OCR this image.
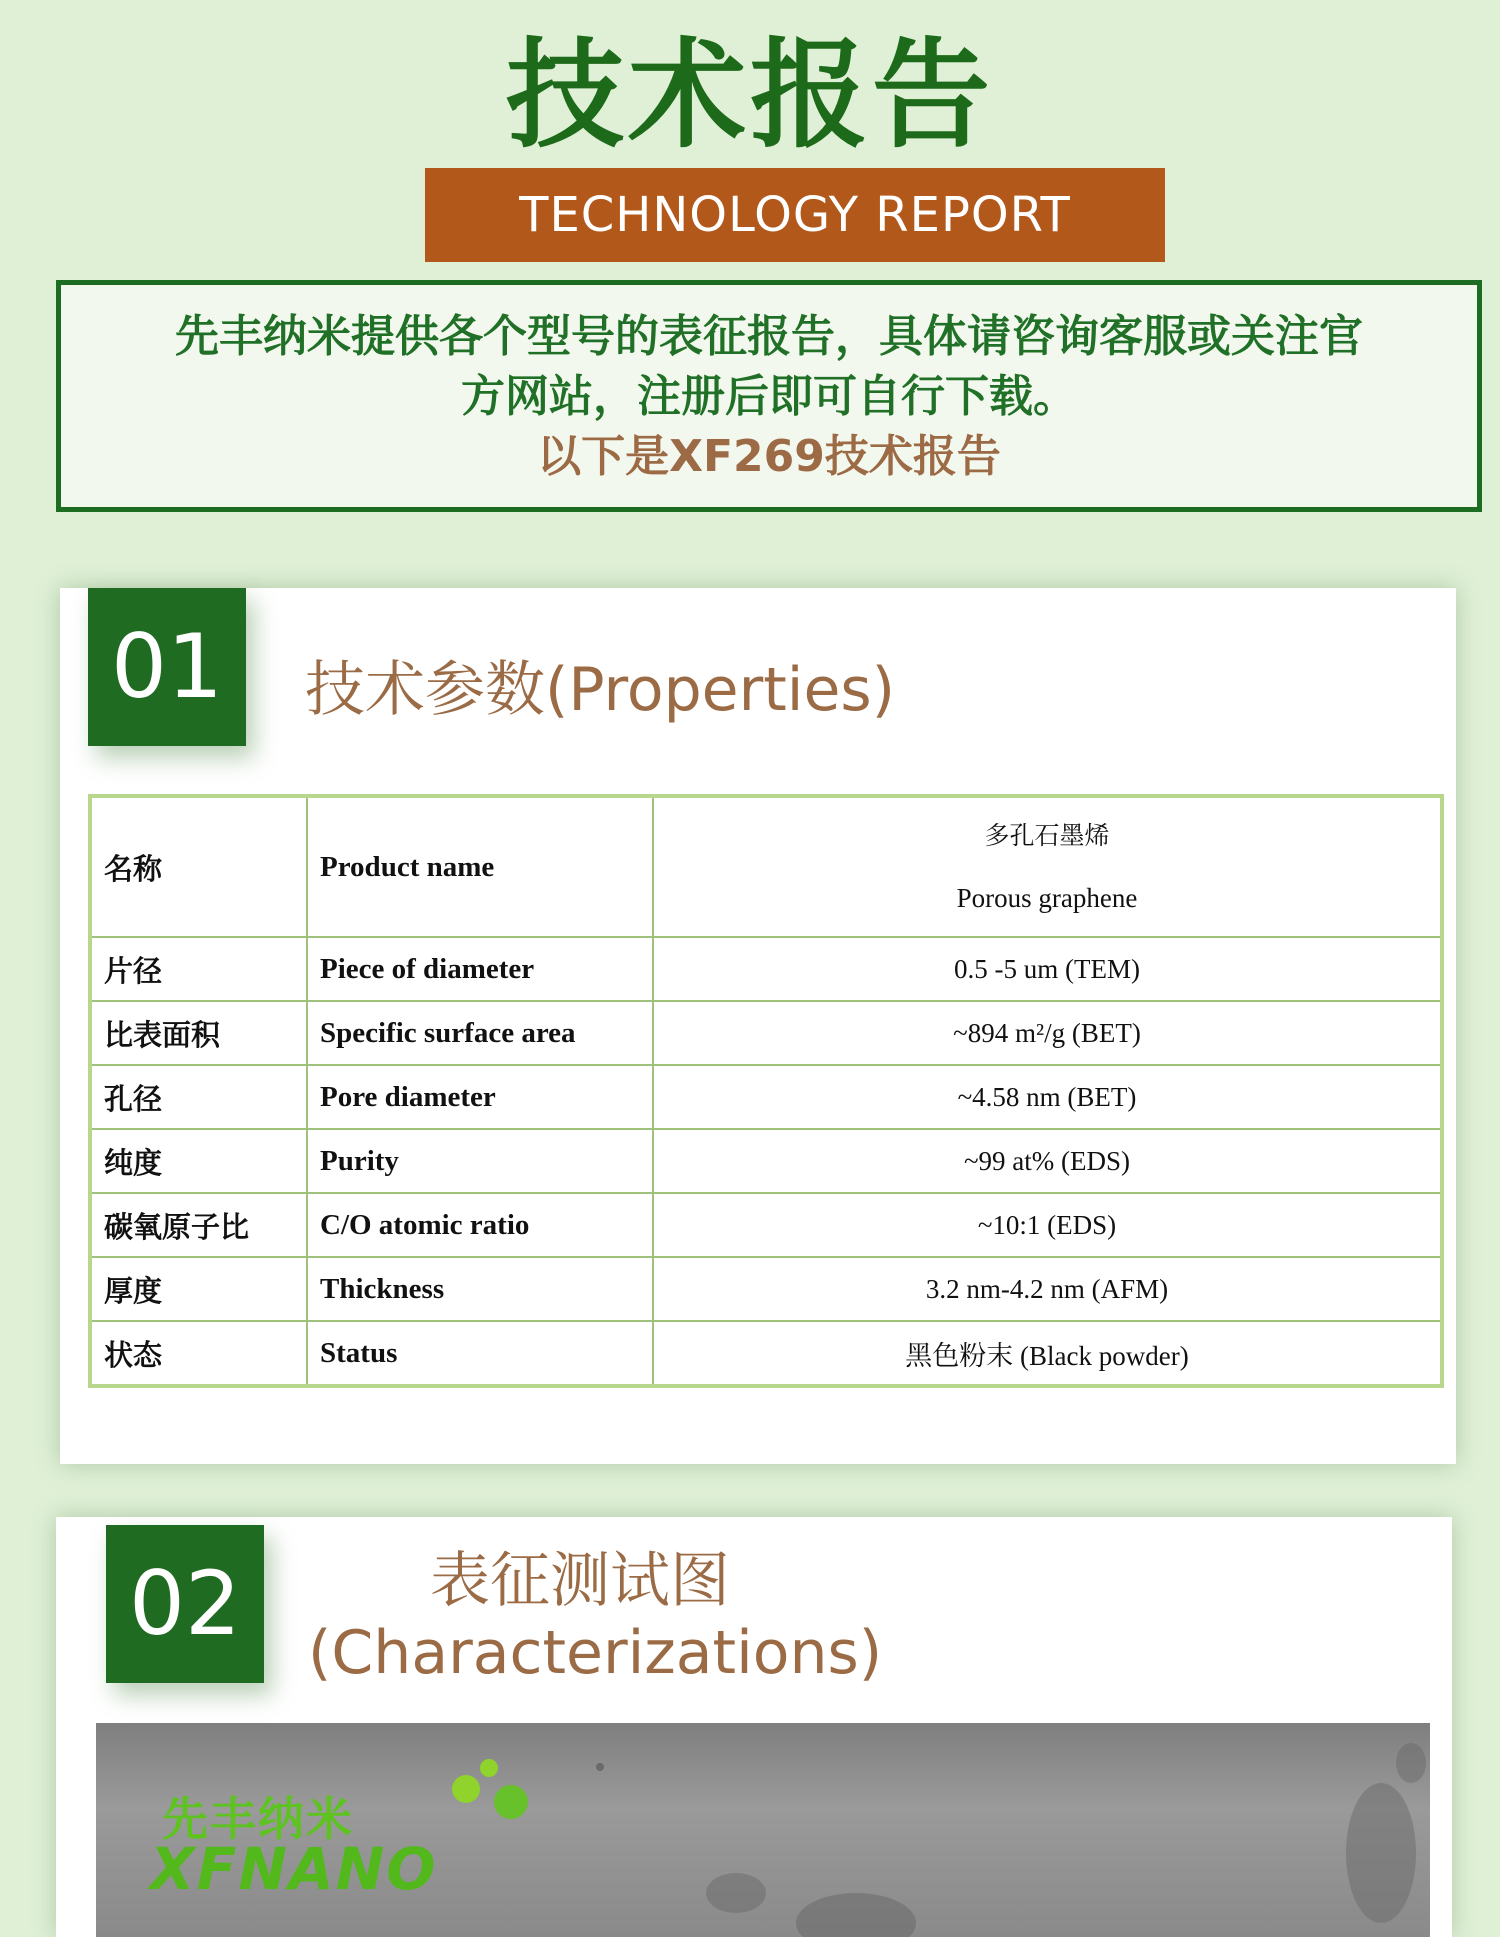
技术报告
TECHNOLOGY REPORT
先丰纳米提供各个型号的表征报告，具体请咨询客服或关注官
方网站，注册后即可自行下载。
以下是XF269技术报告
01	技术参数(Properties)
名称	Product name	多孔石墨烯
Porous graphene

片径	Piece of diameter	0.5 -5 um (TEM)
比表面积	Specific surface area	~894 m²/g (BET)
孔径	Pore diameter	~4.58 nm (BET)
纯度	Purity	~99 at% (EDS)
碳氧原子比	C/O atomic ratio	~10:1 (EDS)
厚度	Thickness	3.2 nm-4.2 nm (AFM)
状态	Status	黑色粉末 (Black powder)
02	表征测试图
(Characterizations)
先丰纳米
XFNANO
